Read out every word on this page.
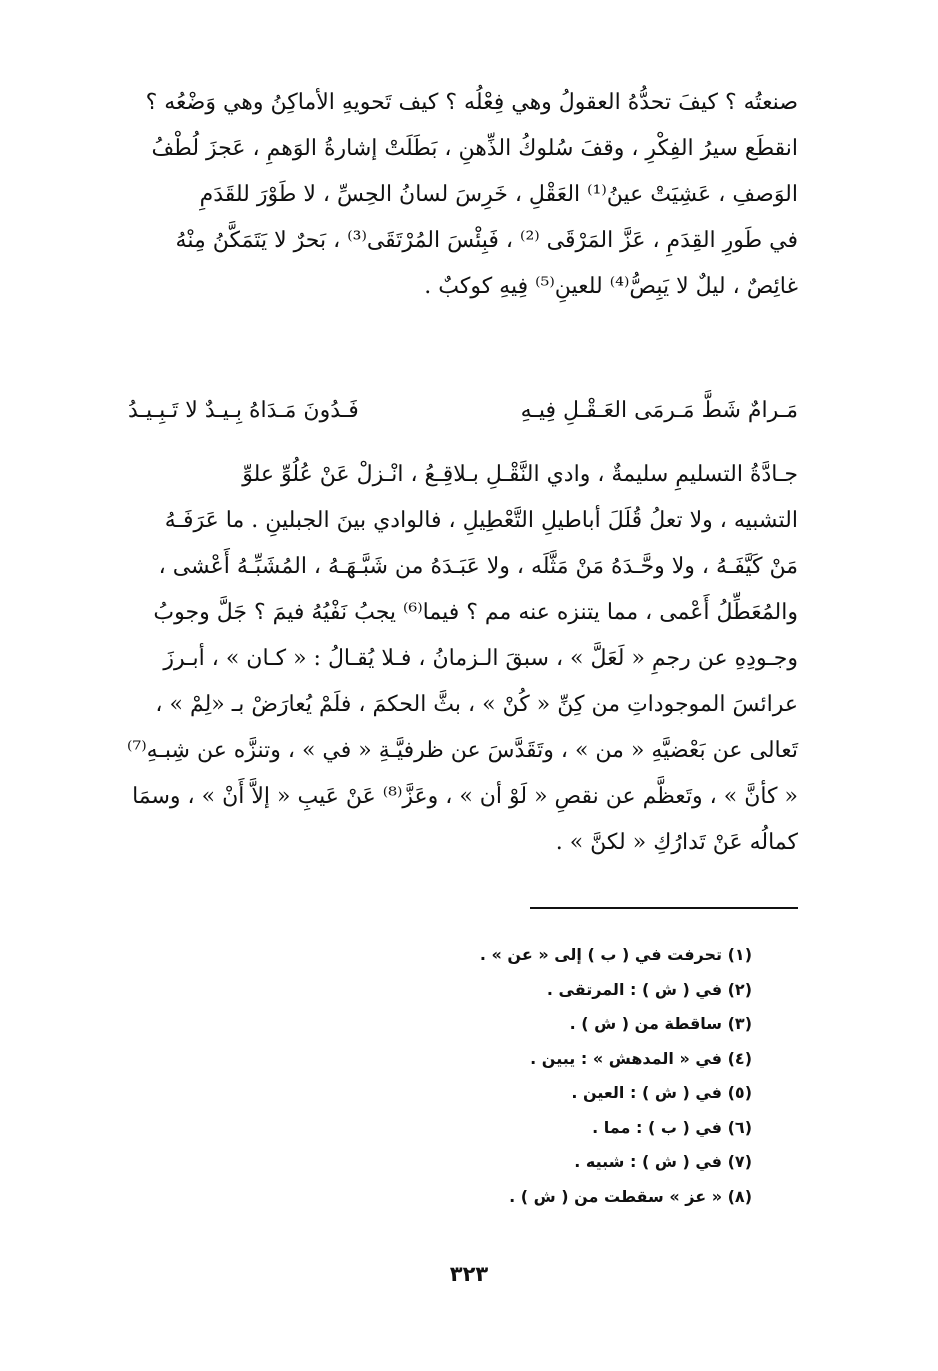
صنعتُه ؟ كيفَ تحدُّهُ العقولُ وهي فِعْلُه ؟ كيف تَحويهِ الأماكِنُ وهي وَضْعُه ؟
انقطَع سيرُ الفِكْرِ ، وقفَ سُلوكُ الذِّهنِ ، بَطَلَتْ إشارةُ الوَهمِ ، عَجزَ لُطْفُ
الوَصفِ ، عَشِيَتْ عينُ⁽¹⁾ العَقْلِ ، خَرِسَ لسانُ الحِسِّ ، لا طَوْرَ للقَدَمِ
في طَورِ القِدَمِ ، عَزَّ المَرْقَى ⁽²⁾ ، فَبِئْسَ المُرْتَقَى⁽³⁾ ، بَحرٌ لا يَتَمَكَّنُ مِنْهُ
غائِصٌ ، ليلٌ لا يَبِصُّ⁽⁴⁾ للعينِ⁽⁵⁾ فِيهِ كوكبٌ .
مَـرامٌ شَطَّ مَـرمَى العَـقْـلِ فِيـهِ
فَـدُونَ مَـدَاهُ بِـيـدٌ لا تَـبِـيـدُ
جـادَّةُ التسليمِ سليمةٌ ، وادي النَّقْـلِ بـلاقِـعُ ، انْـزلْ عَنْ عُلُوِّ علوِّ
التشبيه ، ولا تعلُ قُلَلَ أباطيلِ التَّعْطِيلِ ، فالوادي بينَ الجبلينِ . ما عَرَفَـهُ
مَنْ كَيَّفَـهُ ، ولا وحَّـدَهُ مَنْ مَثَّلَه ، ولا عَبَـدَهُ من شَبَّـهَـهُ ، المُشَبِّـهُ أَعْشى ،
والمُعَطِّلُ أَعْمى ، مما يتنزه عنه مم ؟ فيما⁽⁶⁾ يجبُ نَفْيُهُ فيمَ ؟ جَلَّ وجوبُ
وجـودِهِ عن رجمِ « لَعَلَّ » ، سبقَ الـزمانُ ، فـلا يُقـالُ : « كـان » ، أبـرزَ
عرائسَ الموجوداتِ من كِنِّ « كُنْ » ، بثَّ الحكمَ ، فلَمْ يُعارَضْ بـ «لِمْ » ،
تَعالى عن بَعْضيَّهِ « من » ، وتَقَدَّسَ عن ظرفيَّـةِ « في » ، وتنزَّه عن شِبـهِ⁽⁷⁾
« كأنَّ » ، وتَعظَّم عن نقصِ « لَوْ أن » ، وعَزَّ⁽⁸⁾ عَنْ عَيبِ « إلاَّ أَنْ » ، وسمَا
كمالُه عَنْ تَدارُكِ « لكنَّ » .
(١) تحرفت في ( ب ) إلى « عن » .
(٢) في ( ش ) : المرتقى .
(٣) ساقطة من ( ش ) .
(٤) في « المدهش » : يبين .
(٥) في ( ش ) : العين .
(٦) في ( ب ) : مما .
(٧) في ( ش ) : شبيه .
(٨) « عز » سقطت من ( ش ) .
٣٢٣
